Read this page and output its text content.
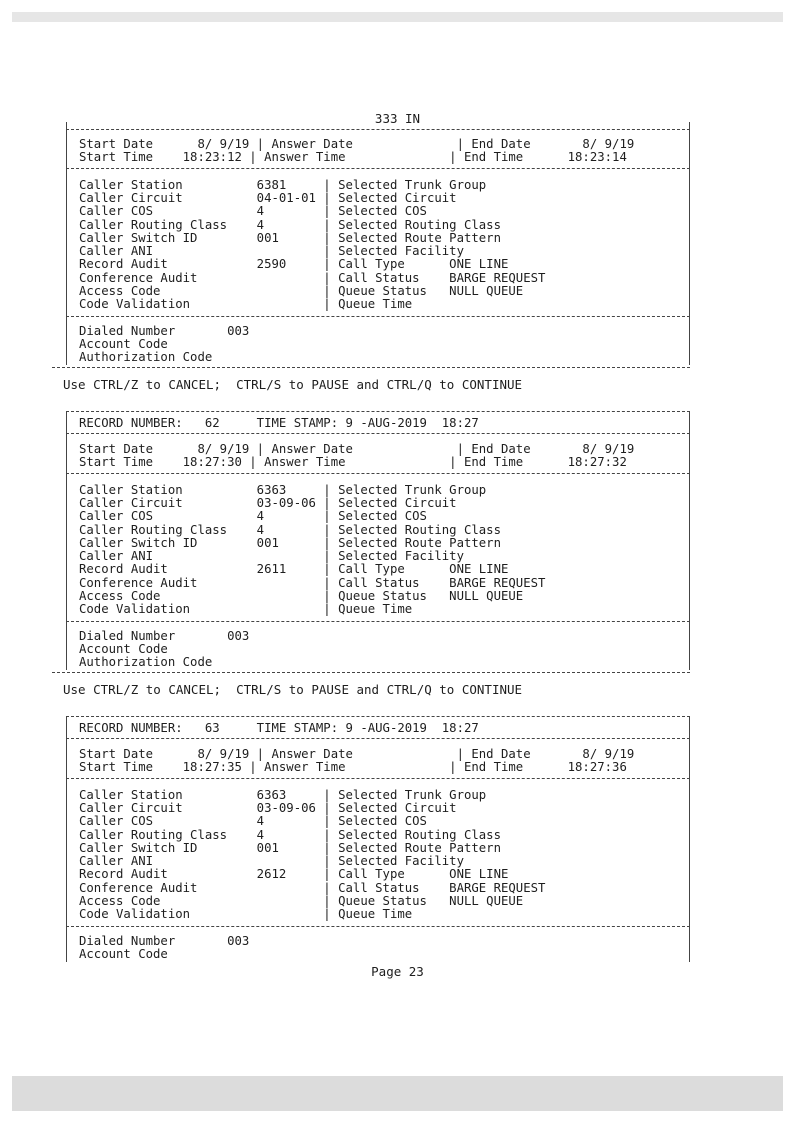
333 IN
Start Date      8/ 9/19 | Answer Date              | End Date       8/ 9/19
Start Time    18:23:12 | Answer Time              | End Time      18:23:14
Caller Station          6381     | Selected Trunk Group
Caller Circuit          04-01-01 | Selected Circuit
Caller COS              4        | Selected COS
Caller Routing Class    4        | Selected Routing Class
Caller Switch ID        001      | Selected Route Pattern
Caller ANI                       | Selected Facility
Record Audit            2590     | Call Type      ONE LINE
Conference Audit                 | Call Status    BARGE REQUEST
Access Code                      | Queue Status   NULL QUEUE
Code Validation                  | Queue Time
Dialed Number       003
Account Code
Authorization Code
Use CTRL/Z to CANCEL;  CTRL/S to PAUSE and CTRL/Q to CONTINUE
RECORD NUMBER:   62     TIME STAMP: 9 -AUG-2019  18:27
Start Date      8/ 9/19 | Answer Date              | End Date       8/ 9/19
Start Time    18:27:30 | Answer Time              | End Time      18:27:32
Caller Station          6363     | Selected Trunk Group
Caller Circuit          03-09-06 | Selected Circuit
Caller COS              4        | Selected COS
Caller Routing Class    4        | Selected Routing Class
Caller Switch ID        001      | Selected Route Pattern
Caller ANI                       | Selected Facility
Record Audit            2611     | Call Type      ONE LINE
Conference Audit                 | Call Status    BARGE REQUEST
Access Code                      | Queue Status   NULL QUEUE
Code Validation                  | Queue Time
Dialed Number       003
Account Code
Authorization Code
Use CTRL/Z to CANCEL;  CTRL/S to PAUSE and CTRL/Q to CONTINUE
RECORD NUMBER:   63     TIME STAMP: 9 -AUG-2019  18:27
Start Date      8/ 9/19 | Answer Date              | End Date       8/ 9/19
Start Time    18:27:35 | Answer Time              | End Time      18:27:36
Caller Station          6363     | Selected Trunk Group
Caller Circuit          03-09-06 | Selected Circuit
Caller COS              4        | Selected COS
Caller Routing Class    4        | Selected Routing Class
Caller Switch ID        001      | Selected Route Pattern
Caller ANI                       | Selected Facility
Record Audit            2612     | Call Type      ONE LINE
Conference Audit                 | Call Status    BARGE REQUEST
Access Code                      | Queue Status   NULL QUEUE
Code Validation                  | Queue Time
Dialed Number       003
Account Code
Page 23
